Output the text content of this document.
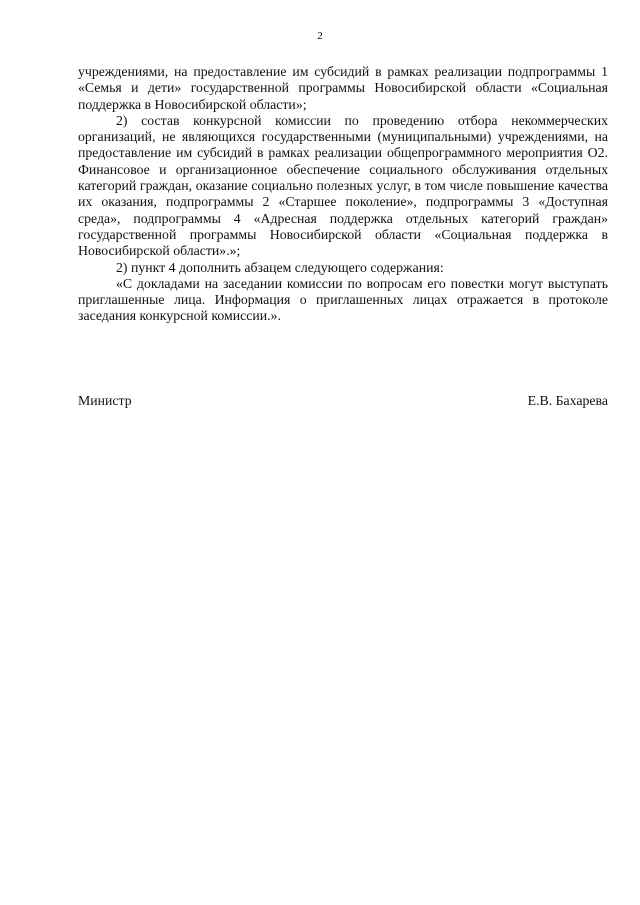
2

учреждениями, на предоставление им субсидий в рамках реализации подпрограммы 1 «Семья и дети» государственной программы Новосибирской области «Социальная поддержка в Новосибирской области»;

2) состав конкурсной комиссии по проведению отбора некоммерческих организаций, не являющихся государственными (муниципальными) учреждениями, на предоставление им субсидий в рамках реализации общепрограммного мероприятия О2. Финансовое и организационное обеспечение социального обслуживания отдельных категорий граждан, оказание социально полезных услуг, в том числе повышение качества их оказания, подпрограммы 2 «Старшее поколение», подпрограммы 3 «Доступная среда», подпрограммы 4 «Адресная поддержка отдельных категорий граждан» государственной программы Новосибирской области «Социальная поддержка в Новосибирской области».»;

2) пункт 4 дополнить абзацем следующего содержания:

«С докладами на заседании комиссии по вопросам его повестки могут выступать приглашенные лица. Информация о приглашенных лицах отражается в протоколе заседания конкурсной комиссии.».

Министр	Е.В. Бахарева
